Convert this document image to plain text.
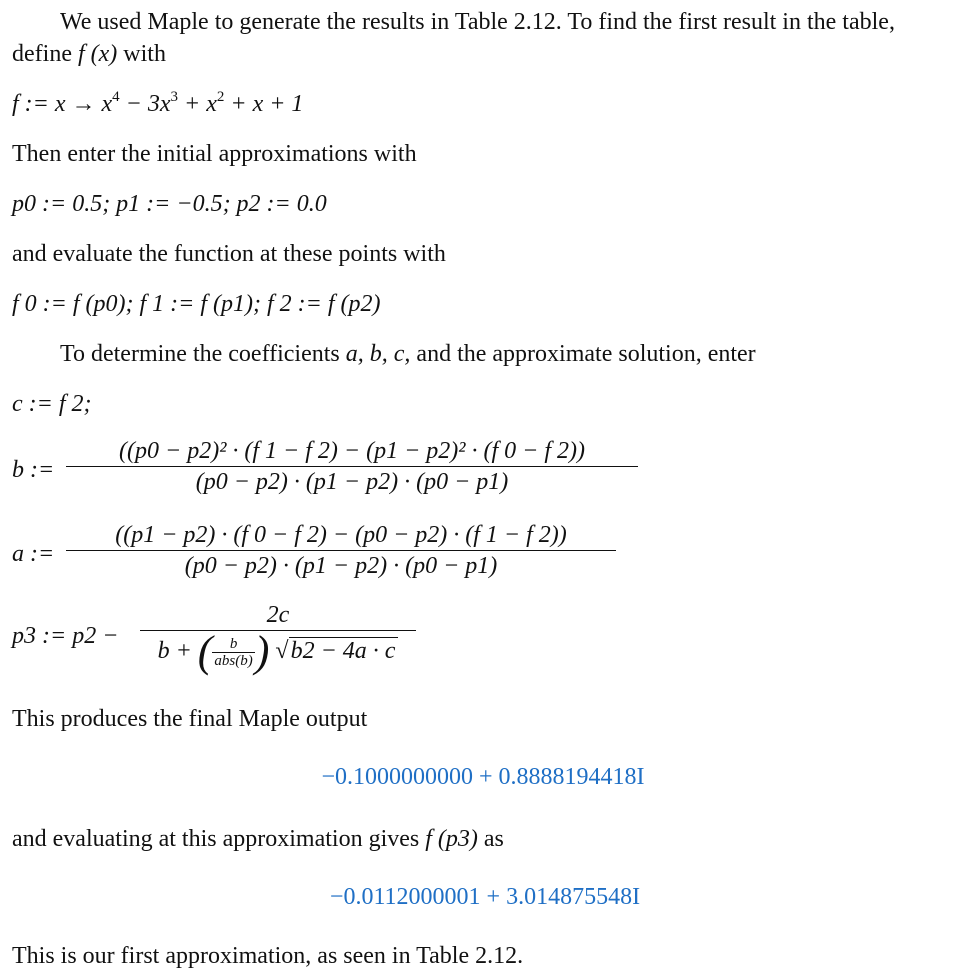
We used Maple to generate the results in Table 2.12. To find the first result in the table,
define f (x) with
f := $x \to x^4 - 3x^3 + x^2 + x + 1$
Then enter the initial approximations with
p0 := 0.5; p1 := −0.5; p2 := 0.0
and evaluate the function at these points with
f 0 := f (p0); f 1 := f (p1); f 2 := f (p2)
To determine the coefficients a, b, c, and the approximate solution, enter
c := f 2;
b :=
((p0 − p2)² · (f 1 − f 2) − (p1 − p2)² · (f 0 − f 2))
(p0 − p2) · (p1 − p2) · (p0 − p1)
a :=
((p1 − p2) · (f 0 − f 2) − (p0 − p2) · (f 1 − f 2))
(p0 − p2) · (p1 − p2) · (p0 − p1)
p3 := p2 −
2c
b + ( $\frac{b}{\text{abs(b)}}$ ) √b2 − 4a · c
This produces the final Maple output
−0.1000000000 + 0.8888194418I
and evaluating at this approximation gives f (p3) as
−0.0112000001 + 3.014875548I
This is our first approximation, as seen in Table 2.12.
